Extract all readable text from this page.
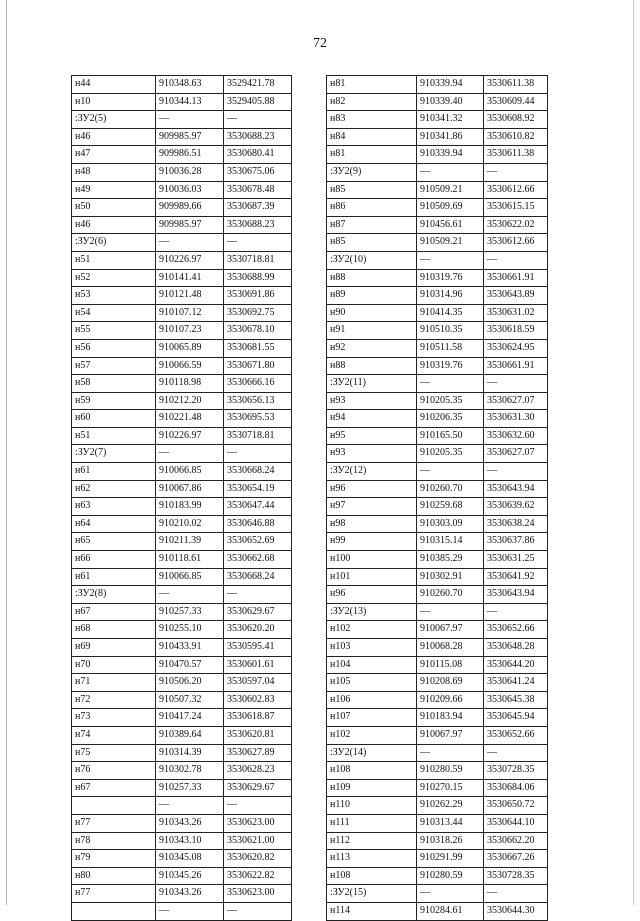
72
н44	910348.63	3529421.78
н10	910344.13	3529405.88
:ЗУ2(5)	—	—
н46	909985.97	3530688.23
н47	909986.51	3530680.41
н48	910036.28	3530675.06
н49	910036.03	3530678.48
н50	909989.66	3530687.39
н46	909985.97	3530688.23
:ЗУ2(6)	—	—
н51	910226.97	3530718.81
н52	910141.41	3530688.99
н53	910121.48	3530691.86
н54	910107.12	3530692.75
н55	910107.23	3530678.10
н56	910065.89	3530681.55
н57	910066.59	3530671.80
н58	910118.98	3530666.16
н59	910212.20	3530656.13
н60	910221.48	3530695.53
н51	910226.97	3530718.81
:ЗУ2(7)	—	—
н61	910066.85	3530668.24
н62	910067.86	3530654.19
н63	910183.99	3530647.44
н64	910210.02	3530646.88
н65	910211.39	3530652.69
н66	910118.61	3530662.68
н61	910066.85	3530668.24
:ЗУ2(8)	—	—
н67	910257.33	3530629.67
н68	910255.10	3530620.20
н69	910433.91	3530595.41
н70	910470.57	3530601.61
н71	910506.20	3530597.04
н72	910507.32	3530602.83
н73	910417.24	3530618.87
н74	910389.64	3530620.81
н75	910314.39	3530627.89
н76	910302.78	3530628.23
н67	910257.33	3530629.67
	—	—
н77	910343.26	3530623.00
н78	910343.10	3530621.00
н79	910345.08	3530620.82
н80	910345.26	3530622.82
н77	910343.26	3530623.00
	—	—
н81	910339.94	3530611.38
н82	910339.40	3530609.44
н83	910341.32	3530608.92
н84	910341.86	3530610.82
н81	910339.94	3530611.38
:ЗУ2(9)	—	—
н85	910509.21	3530612.66
н86	910509.69	3530615.15
н87	910456.61	3530622.02
н85	910509.21	3530612.66
:ЗУ2(10)	—	—
н88	910319.76	3530661.91
н89	910314.96	3530643.89
н90	910414.35	3530631.02
н91	910510.35	3530618.59
н92	910511.58	3530624.95
н88	910319.76	3530661.91
:ЗУ2(11)	—	—
н93	910205.35	3530627.07
н94	910206.35	3530631.30
н95	910165.50	3530632.60
н93	910205.35	3530627.07
:ЗУ2(12)	—	—
н96	910260.70	3530643.94
н97	910259.68	3530639.62
н98	910303.09	3530638.24
н99	910315.14	3530637.86
н100	910385.29	3530631.25
н101	910302.91	3530641.92
н96	910260.70	3530643.94
:ЗУ2(13)	—	—
н102	910067.97	3530652.66
н103	910068.28	3530648.28
н104	910115.08	3530644.20
н105	910208.69	3530641.24
н106	910209.66	3530645.38
н107	910183.94	3530645.94
н102	910067.97	3530652.66
:ЗУ2(14)	—	—
н108	910280.59	3530728.35
н109	910270.15	3530684.06
н110	910262.29	3530650.72
н111	910313.44	3530644.10
н112	910318.26	3530662.20
н113	910291.99	3530667.26
н108	910280.59	3530728.35
:ЗУ2(15)	—	—
н114	910284.61	3530644.30
